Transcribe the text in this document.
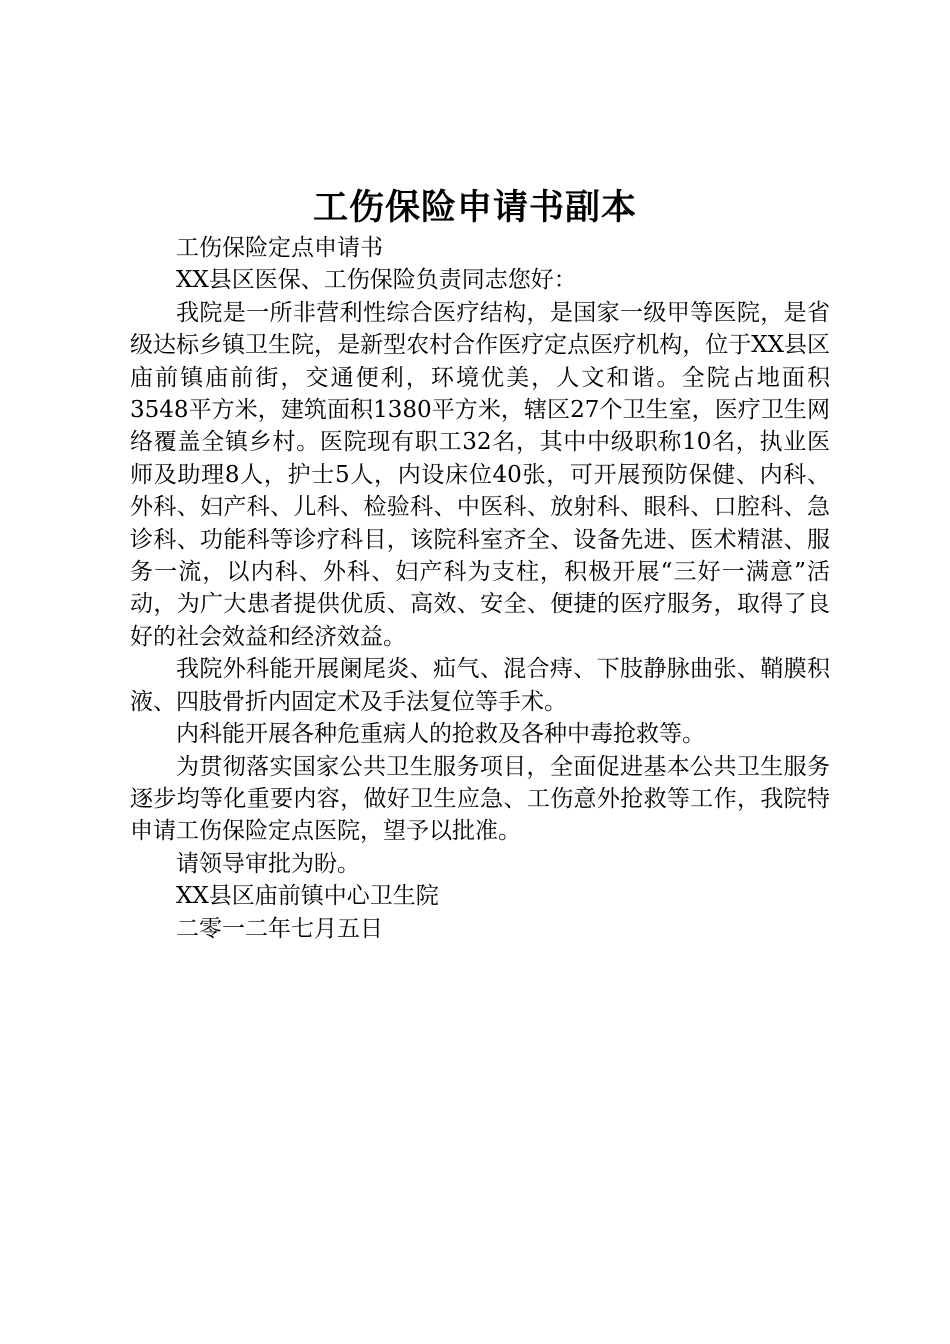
工伤保险申请书副本

工伤保险定点申请书

XX县区医保、工伤保险负责同志您好：

我院是一所非营利性综合医疗结构，是国家一级甲等医院，是省级达标乡镇卫生院，是新型农村合作医疗定点医疗机构，位于XX县区庙前镇庙前街，交通便利，环境优美，人文和谐。全院占地面积3548平方米，建筑面积1380平方米，辖区27个卫生室，医疗卫生网络覆盖全镇乡村。医院现有职工32名，其中中级职称10名，执业医师及助理8人，护士5人，内设床位40张，可开展预防保健、内科、外科、妇产科、儿科、检验科、中医科、放射科、眼科、口腔科、急诊科、功能科等诊疗科目，该院科室齐全、设备先进、医术精湛、服务一流，以内科、外科、妇产科为支柱，积极开展“三好一满意”活动，为广大患者提供优质、高效、安全、便捷的医疗服务，取得了良好的社会效益和经济效益。

我院外科能开展阑尾炎、疝气、混合痔、下肢静脉曲张、鞘膜积液、四肢骨折内固定术及手法复位等手术。

内科能开展各种危重病人的抢救及各种中毒抢救等。

为贯彻落实国家公共卫生服务项目，全面促进基本公共卫生服务逐步均等化重要内容，做好卫生应急、工伤意外抢救等工作，我院特申请工伤保险定点医院，望予以批准。

请领导审批为盼。

XX县区庙前镇中心卫生院

二零一二年七月五日
